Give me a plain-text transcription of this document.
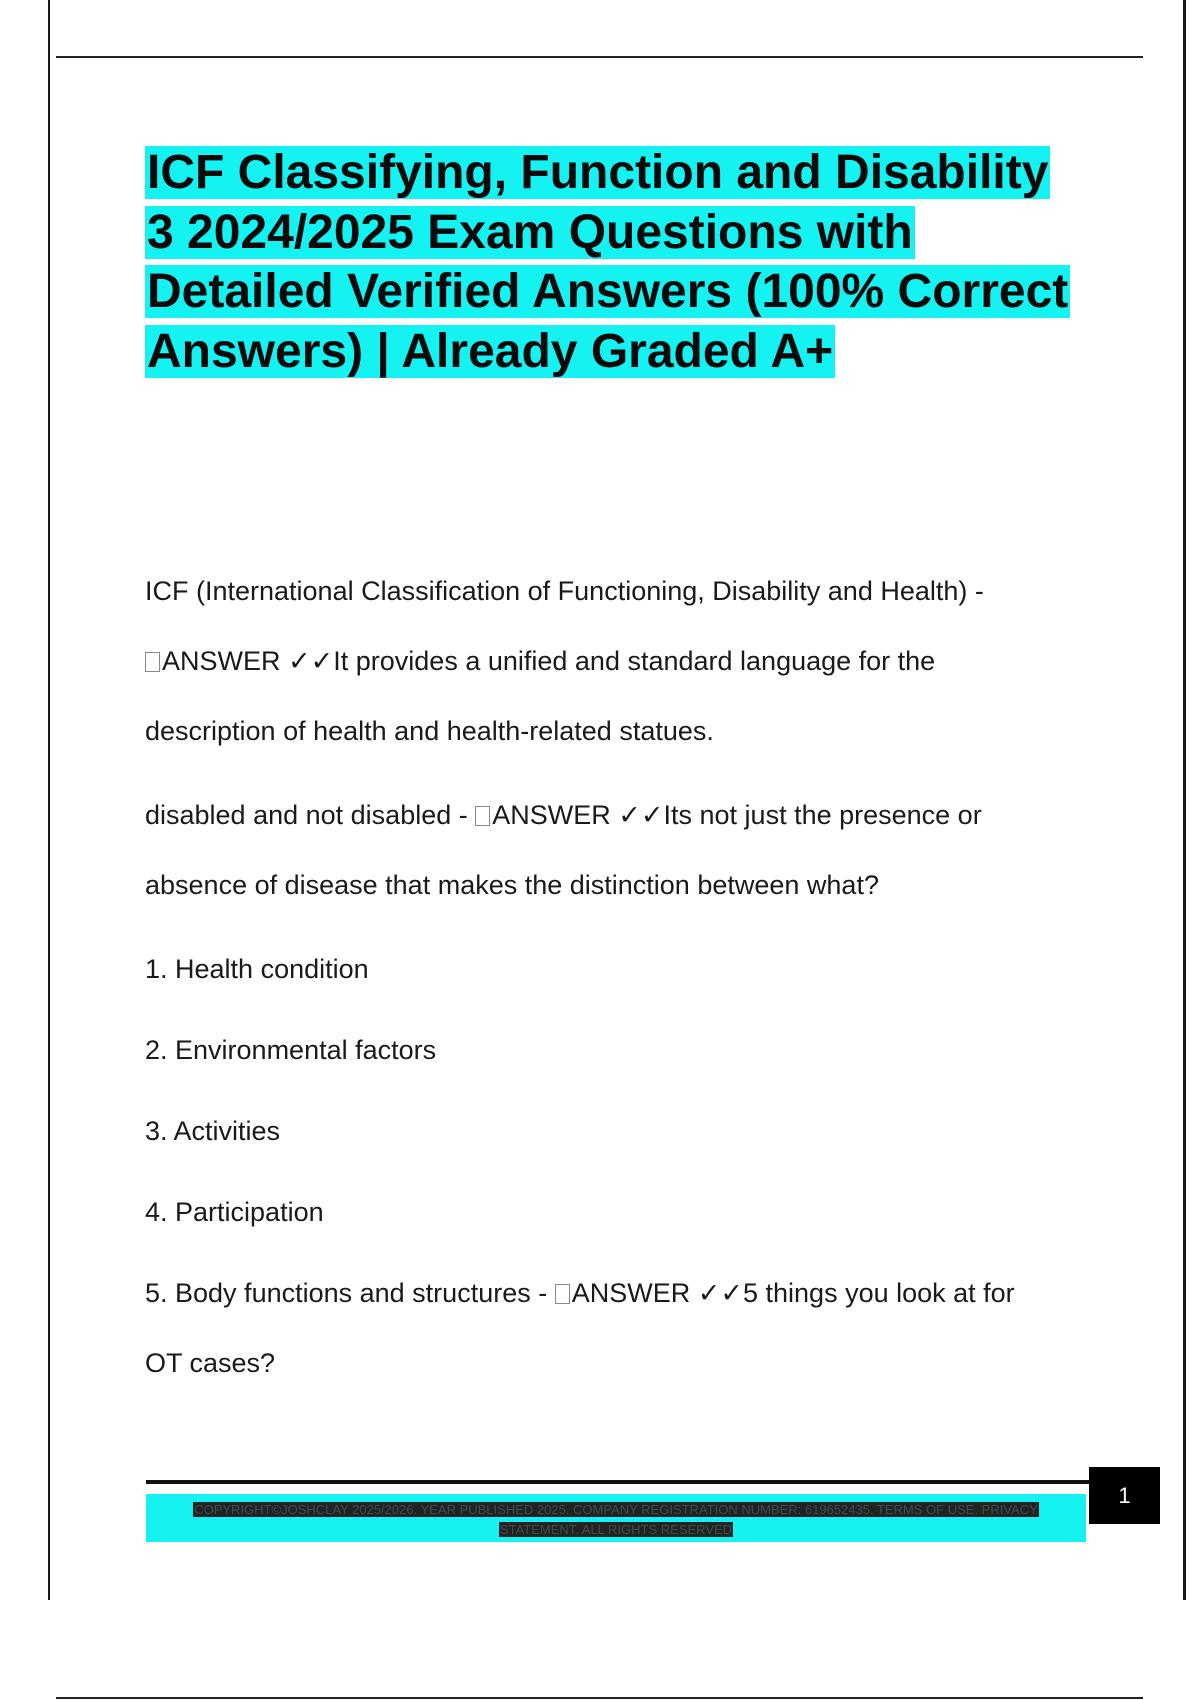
ICF Classifying, Function and Disability
3 2024/2025 Exam Questions with
Detailed Verified Answers (100% Correct
Answers) | Already Graded A+

ICF (International Classification of Functioning, Disability and Health) -

ANSWER ✓✓It provides a unified and standard language for the

description of health and health-related statues.

disabled and not disabled - ANSWER ✓✓Its not just the presence or

absence of disease that makes the distinction between what?

1. Health condition
2. Environmental factors
3. Activities
4. Participation

5. Body functions and structures - ANSWER ✓✓5 things you look at for

OT cases?

COPYRIGHT©JOSHCLAY 2025/2026. YEAR PUBLISHED 2025. COMPANY REGISTRATION NUMBER: 619652435. TERMS OF USE. PRIVACY
STATEMENT. ALL RIGHTS RESERVED
1
